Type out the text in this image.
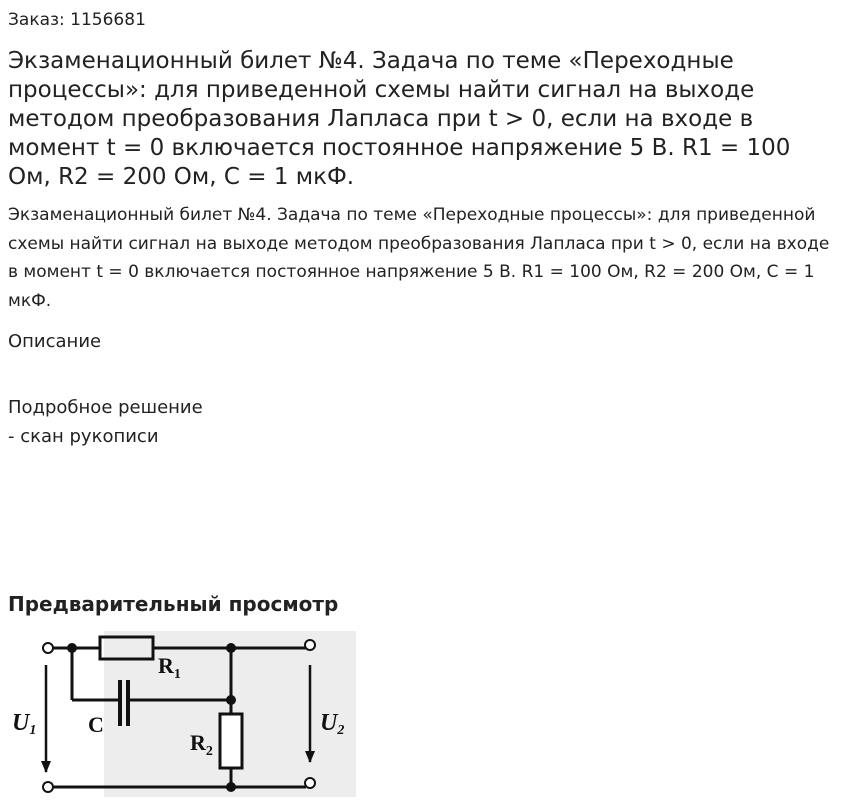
Заказ: 1156681
Экзаменационный билет №4. Задача по теме «Переходные процессы»: для приведенной схемы найти сигнал на выходе методом преобразования Лапласа при t > 0, если на входе в момент t = 0 включается постоянное напряжение 5 В. R1 = 100 Ом, R2 = 200 Ом, C = 1 мкФ.

Экзаменационный билет №4. Задача по теме «Переходные процессы»: для приведенной схемы найти сигнал на выходе методом преобразования Лапласа при t > 0, если на входе в момент t = 0 включается постоянное напряжение 5 В. R1 = 100 Ом, R2 = 200 Ом, C = 1 мкФ.

Описание
Подробное решение
- скан рукописи
Предварительный просмотр
$R_1$
$R_2$
C
U1	U2
